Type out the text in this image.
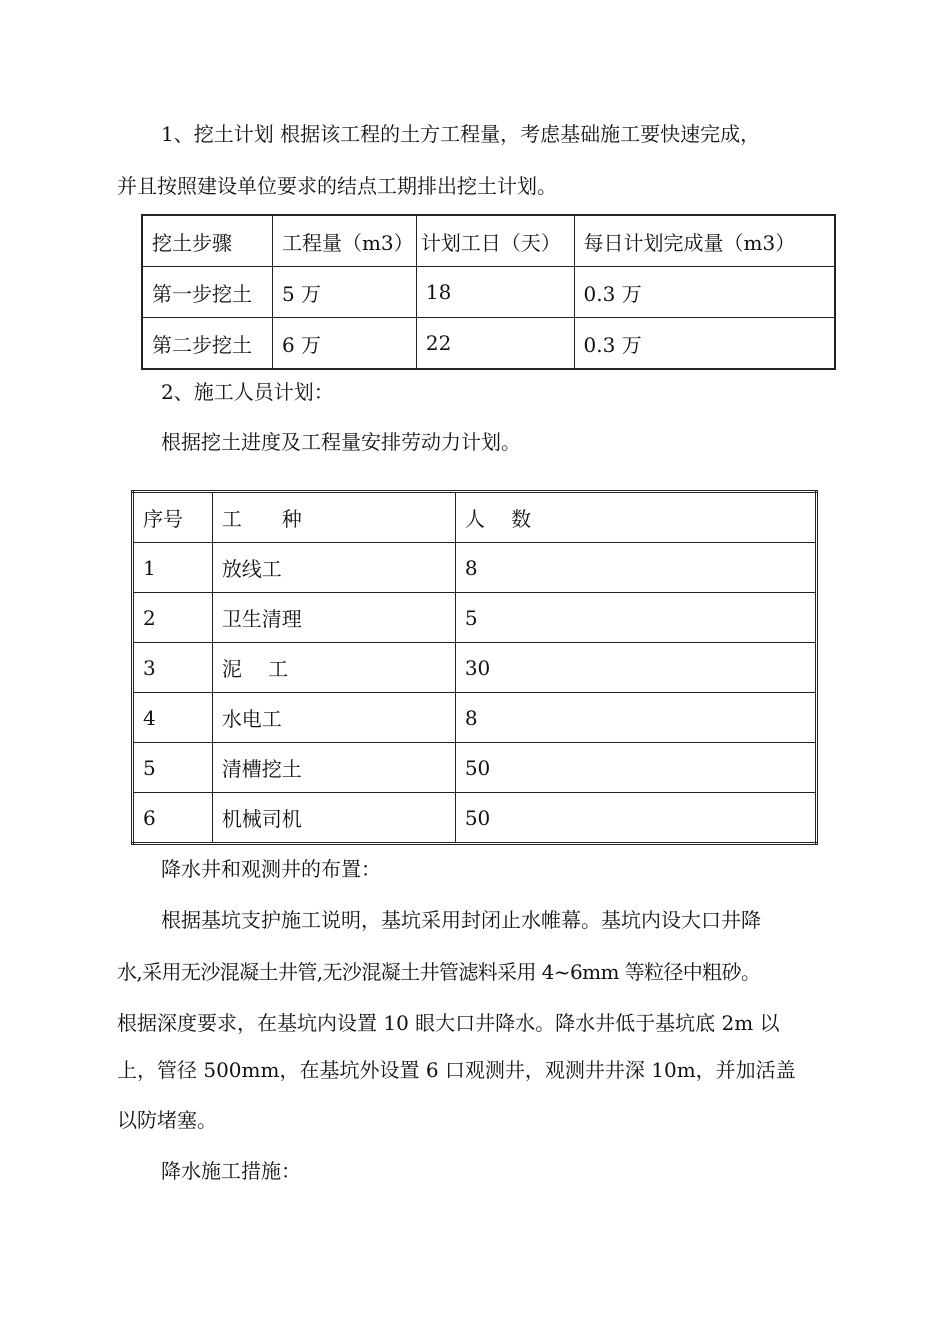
1、挖土计划 根据该工程的土方工程量，考虑基础施工要快速完成，
并且按照建设单位要求的结点工期排出挖土计划。
挖土步骤	工程量（m3）	计划工日（天）	每日计划完成量（m3）
第一步挖土	5 万	18	0.3 万
第二步挖土	6 万	22	0.3 万
2、施工人员计划：
根据挖土进度及工程量安排劳动力计划。
序号	工　　种	人　 数
1	放线工	8
2	卫生清理	5
3	泥　 工	30
4	水电工	8
5	清槽挖土	50
6	机械司机	50
降水井和观测井的布置：
根据基坑支护施工说明，基坑采用封闭止水帷幕。基坑内设大口井降
水,采用无沙混凝土井管,无沙混凝土井管滤料采用 4~6mm 等粒径中粗砂。
根据深度要求，在基坑内设置 10 眼大口井降水。降水井低于基坑底 2m 以
上，管径 500mm，在基坑外设置 6 口观测井，观测井井深 10m，并加活盖
以防堵塞。
降水施工措施：
